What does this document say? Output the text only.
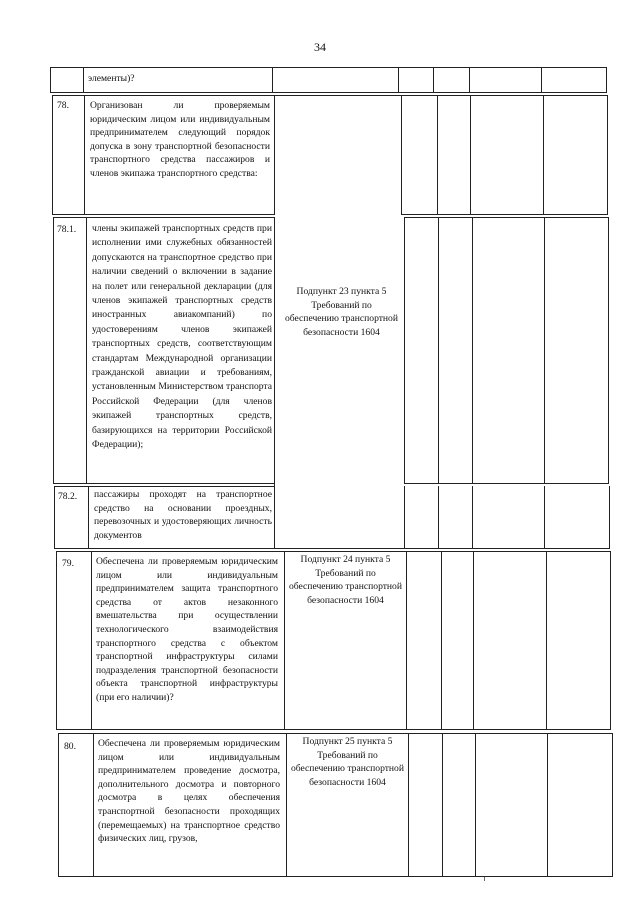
34
элементы)?
78. Организован ли проверяемым юридическим лицом или индивидуальным предпринимателем следующий порядок допуска в зону транспортной безопасности транспортного средства пассажиров и членов экипажа транспортного средства:
78.1. члены экипажей транспортных средств при исполнении ими служебных обязанностей допускаются на транспортное средство при наличии сведений о включении в задание на полет или генеральной декларации (для членов экипажей транспортных средств иностранных авиакомпаний) по удостоверениям членов экипажей транспортных средств, соответствующим стандартам Международной организации гражданской авиации и требованиям, установленным Министерством транспорта Российской Федерации (для членов экипажей транспортных средств, базирующихся на территории Российской Федерации);
Подпункт 23 пункта 5 Требований по обеспечению транспортной безопасности 1604
78.2. пассажиры проходят на транспортное средство на основании проездных, перевозочных и удостоверяющих личность документов
79. Обеспечена ли проверяемым юридическим лицом или индивидуальным предпринимателем защита транспортного средства от актов незаконного вмешательства при осуществлении технологического взаимодействия транспортного средства с объектом транспортной инфраструктуры силами подразделения транспортной безопасности объекта транспортной инфраструктуры (при его наличии)?
Подпункт 24 пункта 5 Требований по обеспечению транспортной безопасности 1604
80. Обеспечена ли проверяемым юридическим лицом или индивидуальным предпринимателем проведение досмотра, дополнительного досмотра и повторного досмотра в целях обеспечения транспортной безопасности проходящих (перемещаемых) на транспортное средство физических лиц, грузов,
Подпункт 25 пункта 5 Требований по обеспечению транспортной безопасности 1604
